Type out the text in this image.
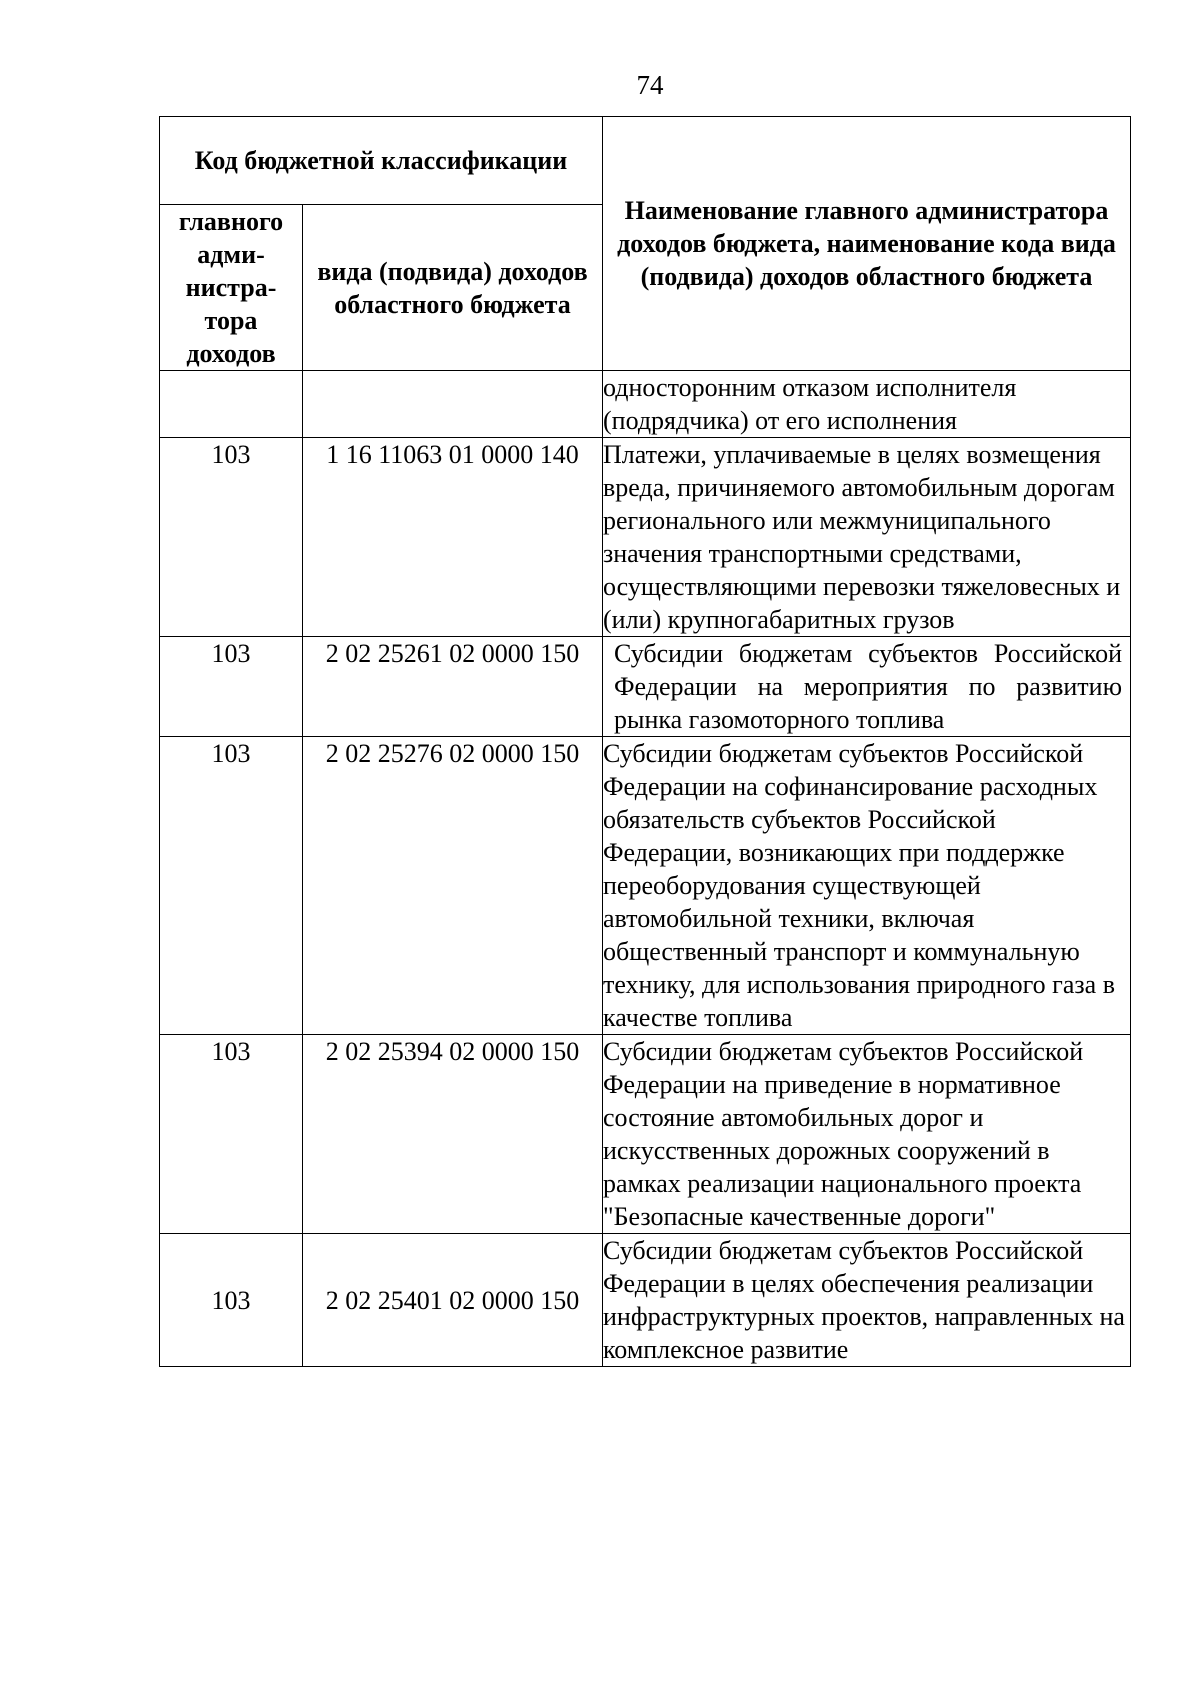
74
Код бюджетной классификации		Наименование главного администратора доходов бюджета, наименование кода вида (подвида) доходов областного бюджета
главного адми-нистра-тора доходов	вида (подвида) доходов областного бюджета	
		односторонним отказом исполнителя (подрядчика) от его исполнения
103	1 16 11063 01 0000 140	Платежи, уплачиваемые в целях возмещения вреда, причиняемого автомобильным дорогам регионального или межмуниципального значения транспортными средствами, осуществляющими перевозки тяжеловесных и (или) крупногабаритных грузов
103	2 02 25261 02 0000 150	Субсидии бюджетам субъектов Российской Федерации на мероприятия по развитию рынка газомоторного топлива
103	2 02 25276 02 0000 150	Субсидии бюджетам субъектов Российской Федерации на софинансирование расходных обязательств субъектов Российской Федерации, возникающих при поддержке переоборудования существующей автомобильной техники, включая общественный транспорт и коммунальную технику, для использования природного газа в качестве топлива
103	2 02 25394 02 0000 150	Субсидии бюджетам субъектов Российской Федерации на приведение в нормативное состояние автомобильных дорог и искусственных дорожных сооружений в рамках реализации национального проекта "Безопасные качественные дороги"
103	2 02 25401 02 0000 150	Субсидии бюджетам субъектов Российской Федерации в целях обеспечения реализации инфраструктурных проектов, направленных на комплексное развитие
